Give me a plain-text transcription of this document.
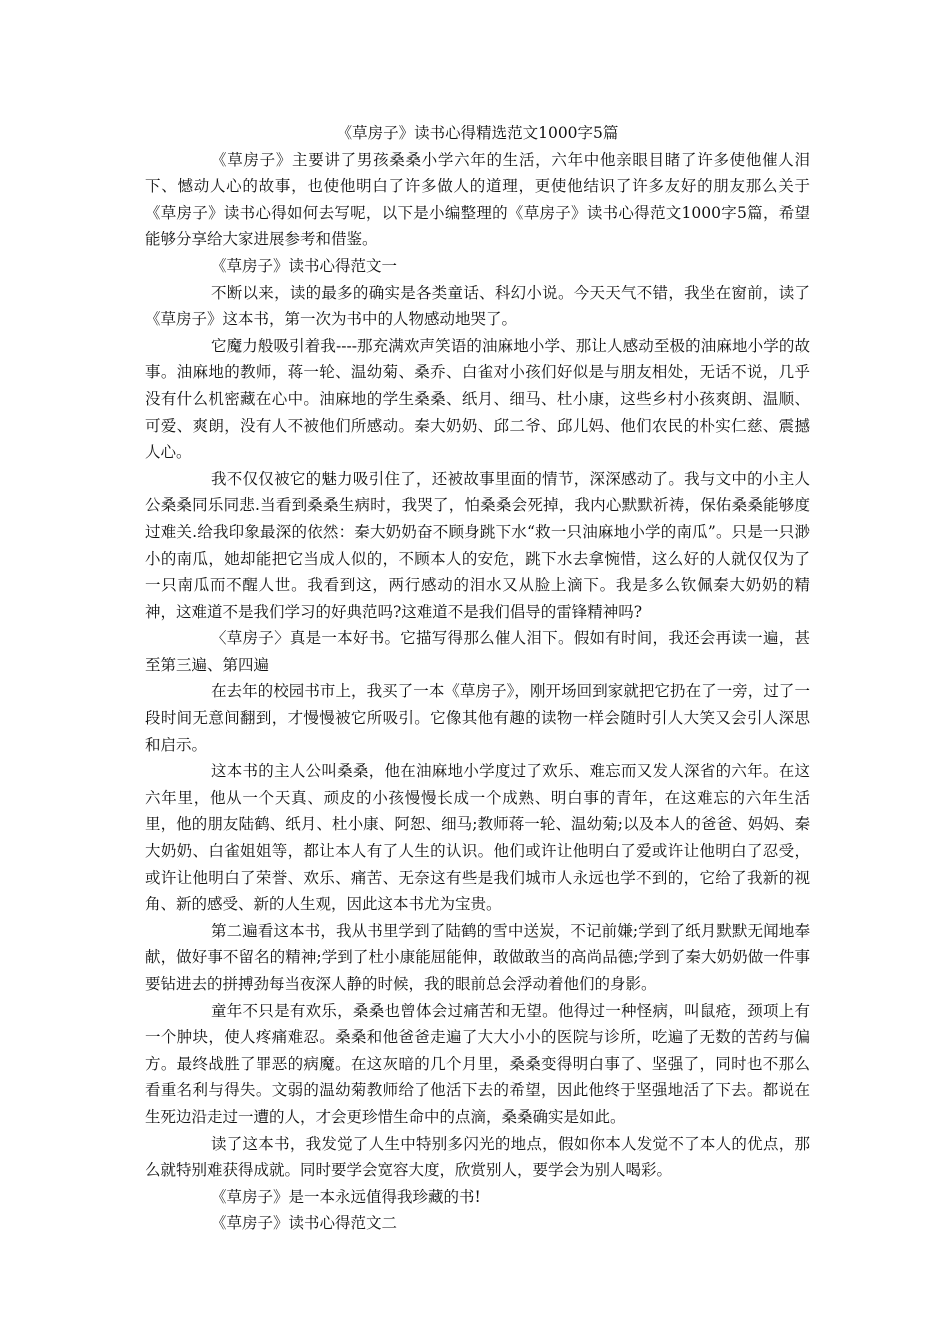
《草房子》读书心得精选范文1000字5篇

《草房子》主要讲了男孩桑桑小学六年的生活，六年中他亲眼目睹了许多使他催人泪下、憾动人心的故事，也使他明白了许多做人的道理，更使他结识了许多友好的朋友那么关于《草房子》读书心得如何去写呢，以下是小编整理的《草房子》读书心得范文1000字5篇，希望能够分享给大家进展参考和借鉴。

《草房子》读书心得范文一

不断以来，读的最多的确实是各类童话、科幻小说。今天天气不错，我坐在窗前，读了《草房子》这本书，第一次为书中的人物感动地哭了。

它魔力般吸引着我----那充满欢声笑语的油麻地小学、那让人感动至极的油麻地小学的故事。油麻地的教师，蒋一轮、温幼菊、桑乔、白雀对小孩们好似是与朋友相处，无话不说，几乎没有什么机密藏在心中。油麻地的学生桑桑、纸月、细马、杜小康，这些乡村小孩爽朗、温顺、可爱、爽朗，没有人不被他们所感动。秦大奶奶、邱二爷、邱儿妈、他们农民的朴实仁慈、震撼人心。

我不仅仅被它的魅力吸引住了，还被故事里面的情节，深深感动了。我与文中的小主人公桑桑同乐同悲.当看到桑桑生病时，我哭了，怕桑桑会死掉，我内心默默祈祷，保佑桑桑能够度过难关.给我印象最深的依然：秦大奶奶奋不顾身跳下水“救一只油麻地小学的南瓜”。只是一只渺小的南瓜，她却能把它当成人似的，不顾本人的安危，跳下水去拿惋惜，这么好的人就仅仅为了一只南瓜而不醒人世。我看到这，两行感动的泪水又从脸上滴下。我是多么钦佩秦大奶奶的精神，这难道不是我们学习的好典范吗?这难道不是我们倡导的雷锋精神吗?

〈草房子〉真是一本好书。它描写得那么催人泪下。假如有时间，我还会再读一遍，甚至第三遍、第四遍

在去年的校园书市上，我买了一本《草房子》，刚开场回到家就把它扔在了一旁，过了一段时间无意间翻到，才慢慢被它所吸引。它像其他有趣的读物一样会随时引人大笑又会引人深思和启示。

这本书的主人公叫桑桑，他在油麻地小学度过了欢乐、难忘而又发人深省的六年。在这六年里，他从一个天真、顽皮的小孩慢慢长成一个成熟、明白事的青年，在这难忘的六年生活里，他的朋友陆鹤、纸月、杜小康、阿恕、细马;教师蒋一轮、温幼菊;以及本人的爸爸、妈妈、秦大奶奶、白雀姐姐等，都让本人有了人生的认识。他们或许让他明白了爱或许让他明白了忍受，或许让他明白了荣誉、欢乐、痛苦、无奈这有些是我们城市人永远也学不到的，它给了我新的视角、新的感受、新的人生观，因此这本书尤为宝贵。

第二遍看这本书，我从书里学到了陆鹤的雪中送炭，不记前嫌;学到了纸月默默无闻地奉献，做好事不留名的精神;学到了杜小康能屈能伸，敢做敢当的高尚品德;学到了秦大奶奶做一件事要钻进去的拼搏劲每当夜深人静的时候，我的眼前总会浮动着他们的身影。

童年不只是有欢乐，桑桑也曾体会过痛苦和无望。他得过一种怪病，叫鼠疮，颈项上有一个肿块，使人疼痛难忍。桑桑和他爸爸走遍了大大小小的医院与诊所，吃遍了无数的苦药与偏方。最终战胜了罪恶的病魔。在这灰暗的几个月里，桑桑变得明白事了、坚强了，同时也不那么看重名利与得失。文弱的温幼菊教师给了他活下去的希望，因此他终于坚强地活了下去。都说在生死边沿走过一遭的人，才会更珍惜生命中的点滴，桑桑确实是如此。

读了这本书，我发觉了人生中特别多闪光的地点，假如你本人发觉不了本人的优点，那么就特别难获得成就。同时要学会宽容大度，欣赏别人，要学会为别人喝彩。

《草房子》是一本永远值得我珍藏的书!

《草房子》读书心得范文二
